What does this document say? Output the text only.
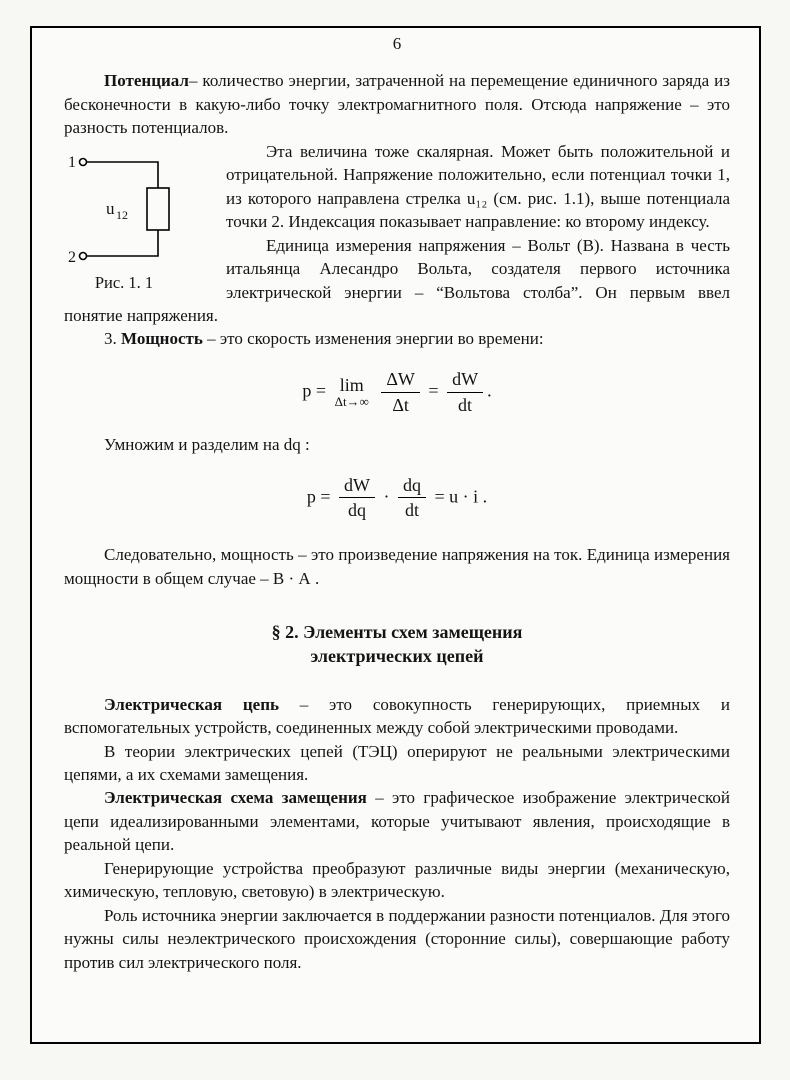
6

Потенциал– количество энергии, затраченной на перемещение единичного заряда из бесконечности в какую-либо точку электромагнитного поля. Отсюда напряжение – это разность потенциалов.

1
2
u 12
Рис. 1. 1

Эта величина тоже скалярная. Может быть положительной и отрицательной. Напряжение положительно, если потенциал точки 1, из которого направлена стрелка u₁₂ (см. рис. 1.1), выше потенциала точки 2. Индексация показывает направление: ко второму индексу.

Единица измерения напряжения – Вольт (В). Названа в честь итальянца Алесандро Вольта, создателя первого источника электрической энергии – “Вольтова столба”. Он первым ввел понятие напряжения.

3. Мощность – это скорость изменения энергии во времени:

p = lim
Δt→∞
$\frac{\Delta W}{\Delta t} = \frac{dW}{dt}$ .

Умножим и разделим на dq :

$p = \frac{dW}{dq} \cdot \frac{dq}{dt} = u \cdot i$ .

Следовательно, мощность – это произведение напряжения на ток. Единица измерения мощности в общем случае – В · А .

§ 2. Элементы схем замещения
электрических цепей

Электрическая цепь – это совокупность генерирующих, приемных и вспомогательных устройств, соединенных между собой электрическими проводами.

В теории электрических цепей (ТЭЦ) оперируют не реальными электрическими цепями, а их схемами замещения.

Электрическая схема замещения – это графическое изображение электрической цепи идеализированными элементами, которые учитывают явления, происходящие в реальной цепи.

Генерирующие устройства преобразуют различные виды энергии (механическую, химическую, тепловую, световую) в электрическую.

Роль источника энергии заключается в поддержании разности потенциалов. Для этого нужны силы неэлектрического происхождения (сторонние силы), совершающие работу против сил электрического поля.
